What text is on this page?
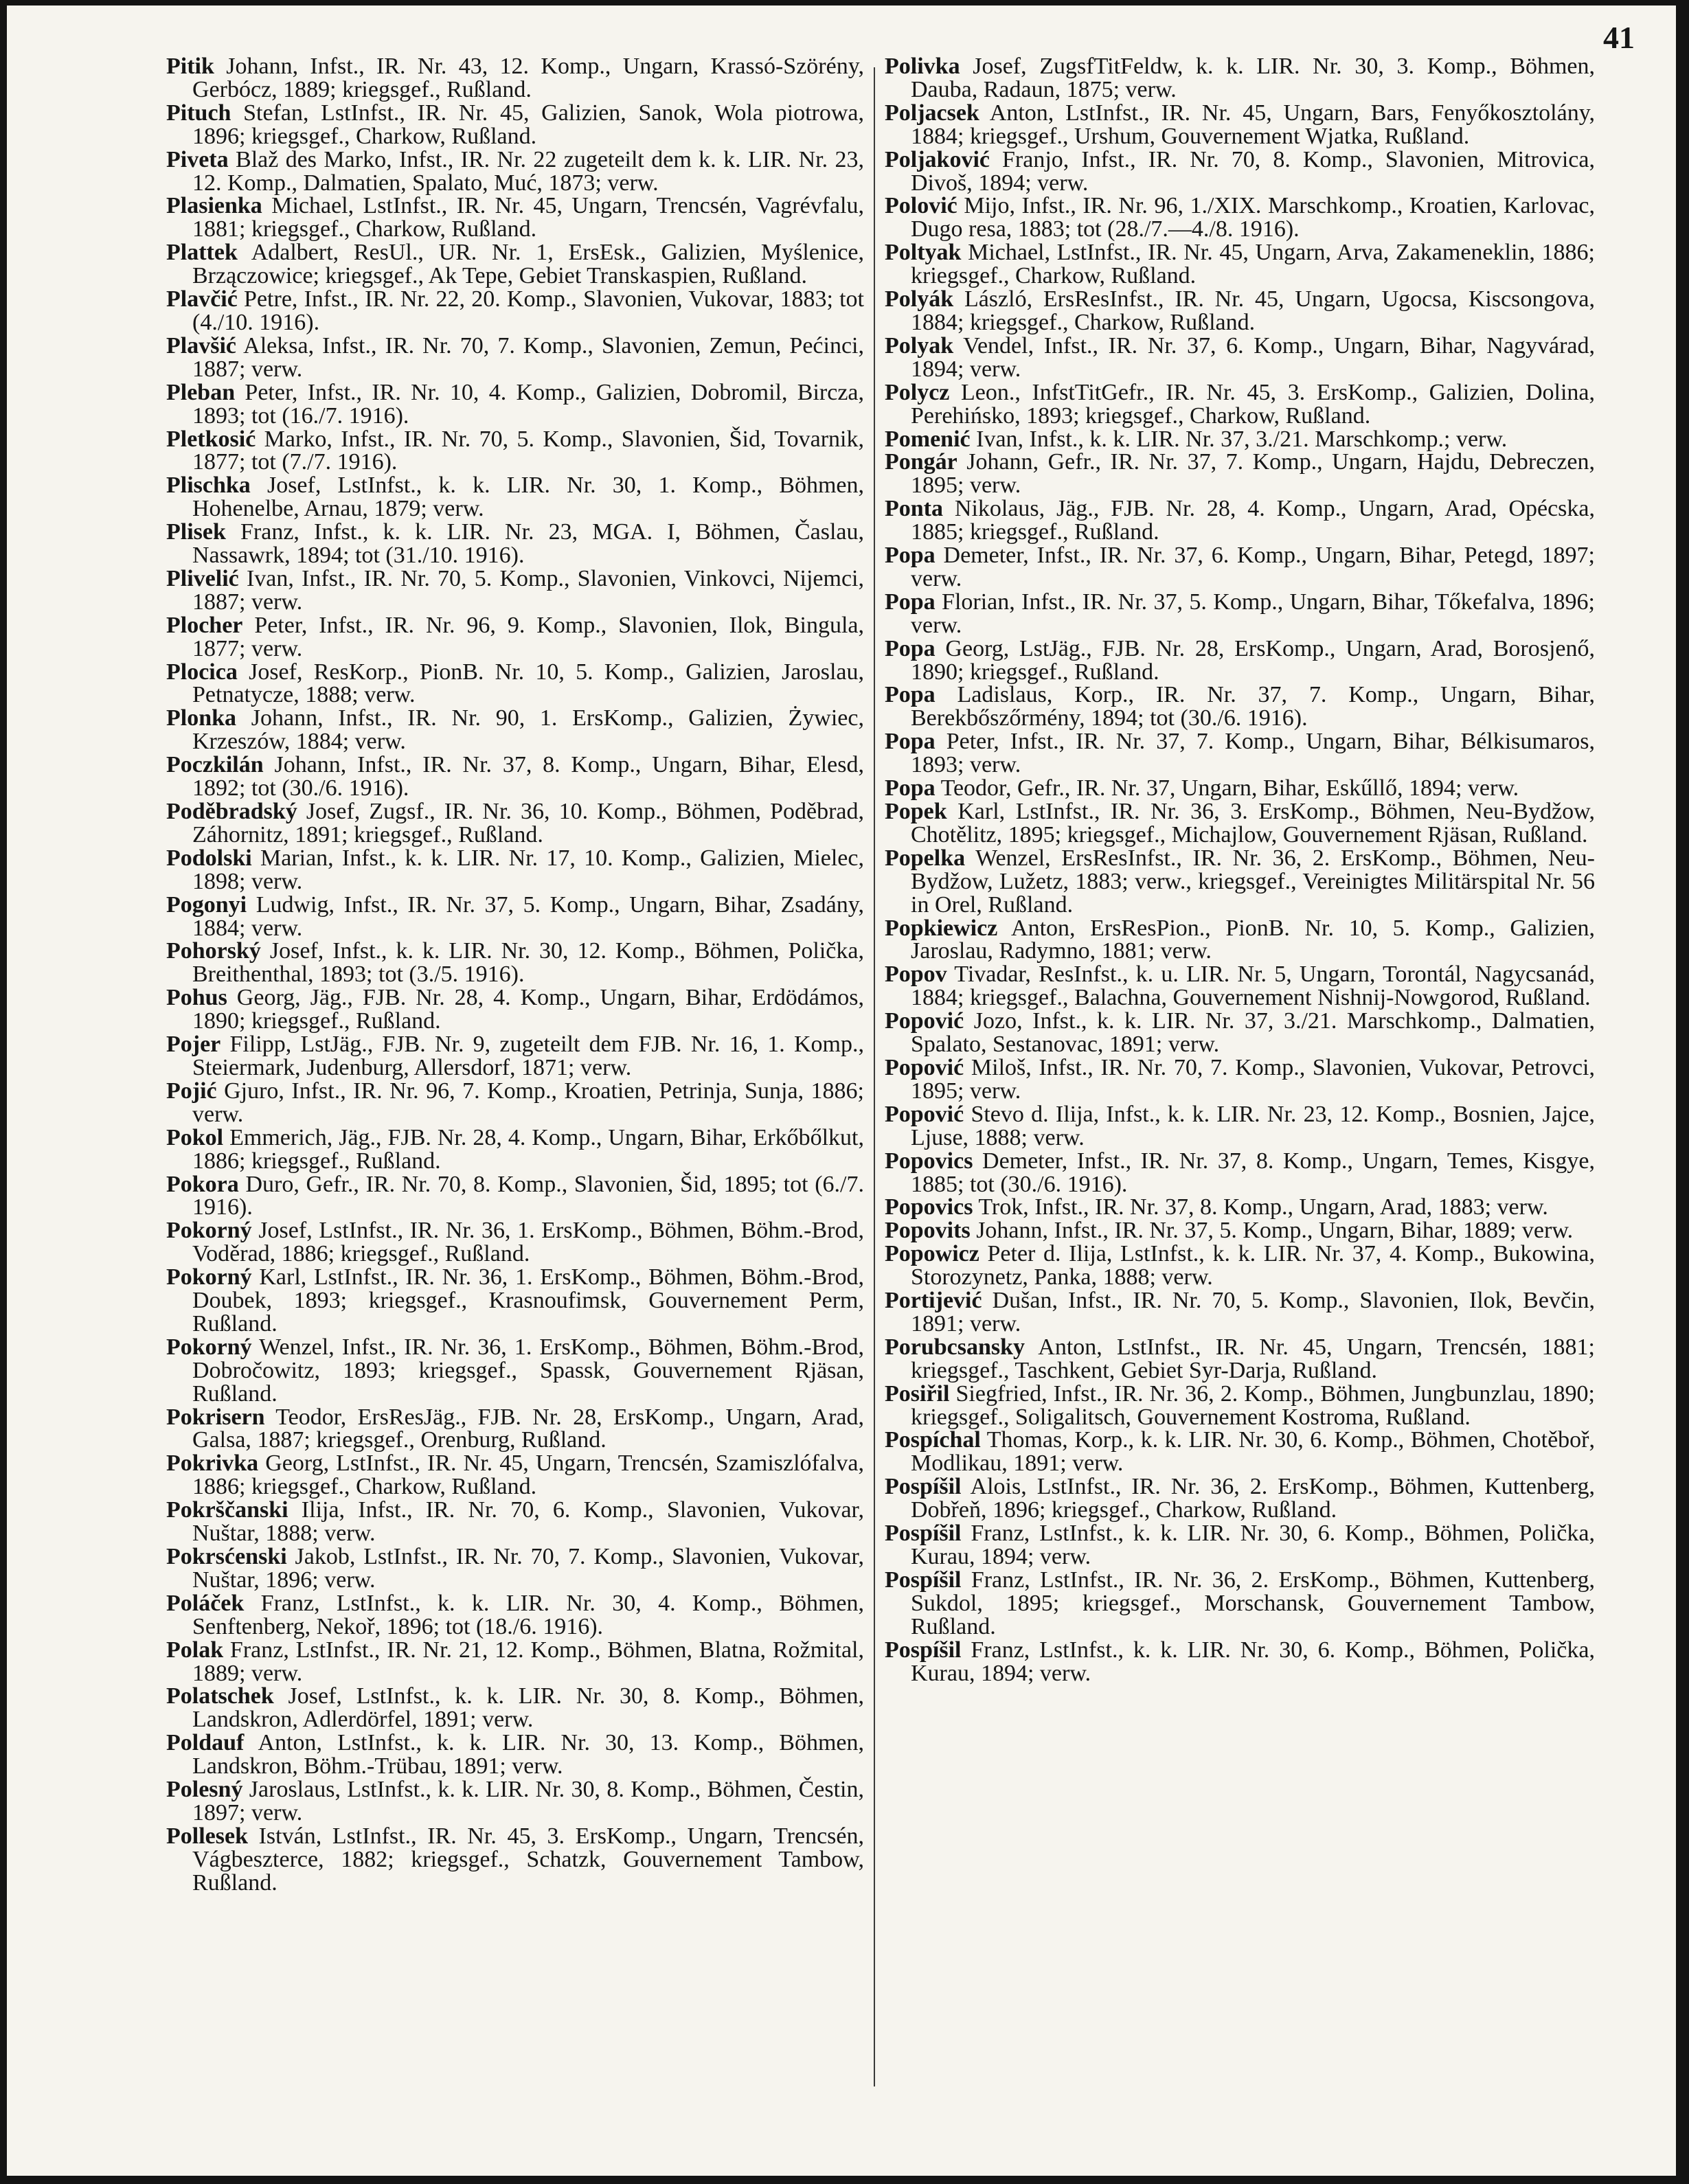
41

Pitik Johann, Infst., IR. Nr. 43, 12. Komp., Ungarn, Krassó-Szörény, Gerbócz, 1889; kriegsgef., Rußland.

Pituch Stefan, LstInfst., IR. Nr. 45, Galizien, Sanok, Wola piotrowa, 1896; kriegsgef., Charkow, Rußland.

Piveta Blaž des Marko, Infst., IR. Nr. 22 zugeteilt dem k. k. LIR. Nr. 23, 12. Komp., Dalmatien, Spalato, Muć, 1873; verw.

Plasienka Michael, LstInfst., IR. Nr. 45, Ungarn, Trencsén, Vagrévfalu, 1881; kriegsgef., Charkow, Rußland.

Plattek Adalbert, ResUl., UR. Nr. 1, ErsEsk., Galizien, Myślenice, Brzączowice; kriegsgef., Ak Tepe, Gebiet Transkaspien, Rußland.

Plavčić Petre, Infst., IR. Nr. 22, 20. Komp., Slavonien, Vukovar, 1883; tot (4./10. 1916).

Plavšić Aleksa, Infst., IR. Nr. 70, 7. Komp., Slavonien, Zemun, Pećinci, 1887; verw.

Pleban Peter, Infst., IR. Nr. 10, 4. Komp., Galizien, Dobromil, Bircza, 1893; tot (16./7. 1916).

Pletkosić Marko, Infst., IR. Nr. 70, 5. Komp., Slavonien, Šid, Tovarnik, 1877; tot (7./7. 1916).

Plischka Josef, LstInfst., k. k. LIR. Nr. 30, 1. Komp., Böhmen, Hohenelbe, Arnau, 1879; verw.

Plisek Franz, Infst., k. k. LIR. Nr. 23, MGA. I, Böhmen, Časlau, Nassawrk, 1894; tot (31./10. 1916).

Plivelić Ivan, Infst., IR. Nr. 70, 5. Komp., Slavonien, Vinkovci, Nijemci, 1887; verw.

Plocher Peter, Infst., IR. Nr. 96, 9. Komp., Slavonien, Ilok, Bingula, 1877; verw.

Plocica Josef, ResKorp., PionB. Nr. 10, 5. Komp., Galizien, Jaroslau, Petnatycze, 1888; verw.

Plonka Johann, Infst., IR. Nr. 90, 1. ErsKomp., Galizien, Żywiec, Krzeszów, 1884; verw.

Poczkilán Johann, Infst., IR. Nr. 37, 8. Komp., Ungarn, Bihar, Elesd, 1892; tot (30./6. 1916).

Poděbradský Josef, Zugsf., IR. Nr. 36, 10. Komp., Böhmen, Poděbrad, Záhornitz, 1891; kriegsgef., Rußland.

Podolski Marian, Infst., k. k. LIR. Nr. 17, 10. Komp., Galizien, Mielec, 1898; verw.

Pogonyi Ludwig, Infst., IR. Nr. 37, 5. Komp., Ungarn, Bihar, Zsadány, 1884; verw.

Pohorský Josef, Infst., k. k. LIR. Nr. 30, 12. Komp., Böhmen, Polička, Breithenthal, 1893; tot (3./5. 1916).

Pohus Georg, Jäg., FJB. Nr. 28, 4. Komp., Ungarn, Bihar, Erdödámos, 1890; kriegsgef., Rußland.

Pojer Filipp, LstJäg., FJB. Nr. 9, zugeteilt dem FJB. Nr. 16, 1. Komp., Steiermark, Judenburg, Allersdorf, 1871; verw.

Pojić Gjuro, Infst., IR. Nr. 96, 7. Komp., Kroatien, Petrinja, Sunja, 1886; verw.

Pokol Emmerich, Jäg., FJB. Nr. 28, 4. Komp., Ungarn, Bihar, Erkőbőlkut, 1886; kriegsgef., Rußland.

Pokora Duro, Gefr., IR. Nr. 70, 8. Komp., Slavonien, Šid, 1895; tot (6./7. 1916).

Pokorný Josef, LstInfst., IR. Nr. 36, 1. ErsKomp., Böhmen, Böhm.-Brod, Voděrad, 1886; kriegsgef., Rußland.

Pokorný Karl, LstInfst., IR. Nr. 36, 1. ErsKomp., Böhmen, Böhm.-Brod, Doubek, 1893; kriegsgef., Krasnoufimsk, Gouvernement Perm, Rußland.

Pokorný Wenzel, Infst., IR. Nr. 36, 1. ErsKomp., Böhmen, Böhm.-Brod, Dobročowitz, 1893; kriegsgef., Spassk, Gouvernement Rjäsan, Rußland.

Pokrisern Teodor, ErsResJäg., FJB. Nr. 28, ErsKomp., Ungarn, Arad, Galsa, 1887; kriegsgef., Orenburg, Rußland.

Pokrivka Georg, LstInfst., IR. Nr. 45, Ungarn, Trencsén, Szamiszlófalva, 1886; kriegsgef., Charkow, Rußland.

Pokrščanski Ilija, Infst., IR. Nr. 70, 6. Komp., Slavonien, Vukovar, Nuštar, 1888; verw.

Pokrsćenski Jakob, LstInfst., IR. Nr. 70, 7. Komp., Slavonien, Vukovar, Nuštar, 1896; verw.

Poláček Franz, LstInfst., k. k. LIR. Nr. 30, 4. Komp., Böhmen, Senftenberg, Nekoř, 1896; tot (18./6. 1916).

Polak Franz, LstInfst., IR. Nr. 21, 12. Komp., Böhmen, Blatna, Rožmital, 1889; verw.

Polatschek Josef, LstInfst., k. k. LIR. Nr. 30, 8. Komp., Böhmen, Landskron, Adlerdörfel, 1891; verw.

Poldauf Anton, LstInfst., k. k. LIR. Nr. 30, 13. Komp., Böhmen, Landskron, Böhm.-Trübau, 1891; verw.

Polesný Jaroslaus, LstInfst., k. k. LIR. Nr. 30, 8. Komp., Böhmen, Čestin, 1897; verw.

Pollesek István, LstInfst., IR. Nr. 45, 3. ErsKomp., Ungarn, Trencsén, Vágbeszterce, 1882; kriegsgef., Schatzk, Gouvernement Tambow, Rußland.

Polivka Josef, ZugsfTitFeldw, k. k. LIR. Nr. 30, 3. Komp., Böhmen, Dauba, Radaun, 1875; verw.

Poljacsek Anton, LstInfst., IR. Nr. 45, Ungarn, Bars, Fenyőkosztolány, 1884; kriegsgef., Urshum, Gouvernement Wjatka, Rußland.

Poljaković Franjo, Infst., IR. Nr. 70, 8. Komp., Slavonien, Mitrovica, Divoš, 1894; verw.

Polović Mijo, Infst., IR. Nr. 96, 1./XIX. Marschkomp., Kroatien, Karlovac, Dugo resa, 1883; tot (28./7.—4./8. 1916).

Poltyak Michael, LstInfst., IR. Nr. 45, Ungarn, Arva, Zakameneklin, 1886; kriegsgef., Charkow, Rußland.

Polyák László, ErsResInfst., IR. Nr. 45, Ungarn, Ugocsa, Kiscsongova, 1884; kriegsgef., Charkow, Rußland.

Polyak Vendel, Infst., IR. Nr. 37, 6. Komp., Ungarn, Bihar, Nagyvárad, 1894; verw.

Polycz Leon., InfstTitGefr., IR. Nr. 45, 3. ErsKomp., Galizien, Dolina, Perehińsko, 1893; kriegsgef., Charkow, Rußland.

Pomenić Ivan, Infst., k. k. LIR. Nr. 37, 3./21. Marschkomp.; verw.

Pongár Johann, Gefr., IR. Nr. 37, 7. Komp., Ungarn, Hajdu, Debreczen, 1895; verw.

Ponta Nikolaus, Jäg., FJB. Nr. 28, 4. Komp., Ungarn, Arad, Opécska, 1885; kriegsgef., Rußland.

Popa Demeter, Infst., IR. Nr. 37, 6. Komp., Ungarn, Bihar, Petegd, 1897; verw.

Popa Florian, Infst., IR. Nr. 37, 5. Komp., Ungarn, Bihar, Tőkefalva, 1896; verw.

Popa Georg, LstJäg., FJB. Nr. 28, ErsKomp., Ungarn, Arad, Borosjenő, 1890; kriegsgef., Rußland.

Popa Ladislaus, Korp., IR. Nr. 37, 7. Komp., Ungarn, Bihar, Berekbőszőrmény, 1894; tot (30./6. 1916).

Popa Peter, Infst., IR. Nr. 37, 7. Komp., Ungarn, Bihar, Bélkisumaros, 1893; verw.

Popa Teodor, Gefr., IR. Nr. 37, Ungarn, Bihar, Eskűllő, 1894; verw.

Popek Karl, LstInfst., IR. Nr. 36, 3. ErsKomp., Böhmen, Neu-Bydžow, Chotělitz, 1895; kriegsgef., Michajlow, Gouvernement Rjäsan, Rußland.

Popelka Wenzel, ErsResInfst., IR. Nr. 36, 2. ErsKomp., Böhmen, Neu-Bydžow, Lužetz, 1883; verw., kriegsgef., Vereinigtes Militärspital Nr. 56 in Orel, Rußland.

Popkiewicz Anton, ErsResPion., PionB. Nr. 10, 5. Komp., Galizien, Jaroslau, Radymno, 1881; verw.

Popov Tivadar, ResInfst., k. u. LIR. Nr. 5, Ungarn, Torontál, Nagycsanád, 1884; kriegsgef., Balachna, Gouvernement Nishnij-Nowgorod, Rußland.

Popović Jozo, Infst., k. k. LIR. Nr. 37, 3./21. Marschkomp., Dalmatien, Spalato, Sestanovac, 1891; verw.

Popović Miloš, Infst., IR. Nr. 70, 7. Komp., Slavonien, Vukovar, Petrovci, 1895; verw.

Popović Stevo d. Ilija, Infst., k. k. LIR. Nr. 23, 12. Komp., Bosnien, Jajce, Ljuse, 1888; verw.

Popovics Demeter, Infst., IR. Nr. 37, 8. Komp., Ungarn, Temes, Kisgye, 1885; tot (30./6. 1916).

Popovics Trok, Infst., IR. Nr. 37, 8. Komp., Ungarn, Arad, 1883; verw.

Popovits Johann, Infst., IR. Nr. 37, 5. Komp., Ungarn, Bihar, 1889; verw.

Popowicz Peter d. Ilija, LstInfst., k. k. LIR. Nr. 37, 4. Komp., Bukowina, Storozynetz, Panka, 1888; verw.

Portijević Dušan, Infst., IR. Nr. 70, 5. Komp., Slavonien, Ilok, Bevčin, 1891; verw.

Porubcsansky Anton, LstInfst., IR. Nr. 45, Ungarn, Trencsén, 1881; kriegsgef., Taschkent, Gebiet Syr-Darja, Rußland.

Posiřil Siegfried, Infst., IR. Nr. 36, 2. Komp., Böhmen, Jungbunzlau, 1890; kriegsgef., Soligalitsch, Gouvernement Kostroma, Rußland.

Pospíchal Thomas, Korp., k. k. LIR. Nr. 30, 6. Komp., Böhmen, Chotěboř, Modlikau, 1891; verw.

Pospíšil Alois, LstInfst., IR. Nr. 36, 2. ErsKomp., Böhmen, Kuttenberg, Dobřeň, 1896; kriegsgef., Charkow, Rußland.

Pospíšil Franz, LstInfst., k. k. LIR. Nr. 30, 6. Komp., Böhmen, Polička, Kurau, 1894; verw.

Pospíšil Franz, LstInfst., IR. Nr. 36, 2. ErsKomp., Böhmen, Kuttenberg, Sukdol, 1895; kriegsgef., Morschansk, Gouvernement Tambow, Rußland.

Pospíšil Franz, LstInfst., k. k. LIR. Nr. 30, 6. Komp., Böhmen, Polička, Kurau, 1894; verw.
